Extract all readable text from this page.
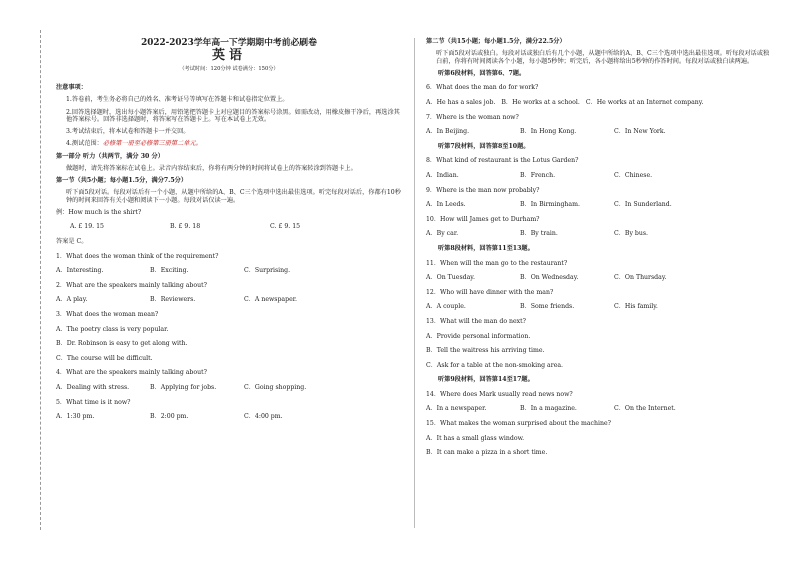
2022-2023学年高一下学期期中考前必刷卷
英语
（考试时间：120分钟 试卷满分：150分）
注意事项：
1.答卷前，考生务必将自己的姓名、准考证号等填写在答题卡和试卷指定位置上。
2.回答选择题时，选出每小题答案后，用铅笔把答题卡上对应题目的答案标号涂黑。如需改动，用橡皮擦干净后，再选涂其他答案标号。回答非选择题时，将答案写在答题卡上。写在本试卷上无效。
3.考试结束后，将本试卷和答题卡一并交回。
4.测试范围：必修第一册至必修第三册第二单元。
第一部分 听力（共两节，满分 30 分）
做题时，请先将答案标在试卷上。录音内容结束后，你将有两分钟的时间将试卷上的答案转涂到答题卡上。
第一节（共5小题；每小题1.5分，满分7.5分）
听下面5段对话。每段对话后有一个小题，从题中所给的A、B、C三个选项中选出最佳选项。听完每段对话后，你都有10秒钟的时间来回答有关小题和阅读下一小题。每段对话仅读一遍。
例：How much is the shirt?
A. £ 19. 15	B. £ 9. 18	C. £ 9. 15
答案是 C。
1．What does the woman think of the requirement?
A．Interesting.	B．Exciting.	C．Surprising.
2．What are the speakers mainly talking about?
A．A play.	B．Reviewers.	C．A newspaper.
3．What does the woman mean?
A．The poetry class is very popular.
B．Dr. Robinson is easy to get along with.
C．The course will be difficult.
4．What are the speakers mainly talking about?
A．Dealing with stress.	B．Applying for jobs.	C．Going shopping.
5．What time is it now?
A．1:30 pm.	B．2:00 pm.	C．4:00 pm.
第二节（共15小题；每小题1.5分，满分22.5分）
听下面5段对话或独白。每段对话或独白后有几个小题，从题中所给的A、B、C三个选项中选出最佳选项。听每段对话或独白前，你将有时间阅读各个小题，每小题5秒钟；听完后，各小题将给出5秒钟的作答时间。每段对话或独白读两遍。
听第6段材料，回答第6、7题。
6．What does the man do for work?
A．He has a sales job. B．He works at a school. C．He works at an Internet company.
7．Where is the woman now?
A．In Beijing.	B．In Hong Kong.	C．In New York.
听第7段材料，回答第8至10题。
8．What kind of restaurant is the Lotus Garden?
A．Indian.	B．French.	C．Chinese.
9．Where is the man now probably?
A．In Leeds.	B．In Birmingham.	C．In Sunderland.
10．How will James get to Durham?
A．By car.	B．By train.	C．By bus.
听第8段材料，回答第11至13题。
11．When will the man go to the restaurant?
A．On Tuesday.	B．On Wednesday.	C．On Thursday.
12．Who will have dinner with the man?
A．A couple.	B．Some friends.	C．His family.
13．What will the man do next?
A．Provide personal information.
B．Tell the waitress his arriving time.
C．Ask for a table at the non-smoking area.
听第9段材料，回答第14至17题。
14．Where does Mark usually read news now?
A．In a newspaper.	B．In a magazine.	C．On the Internet.
15．What makes the woman surprised about the machine?
A．It has a small glass window.
B．It can make a pizza in a short time.
